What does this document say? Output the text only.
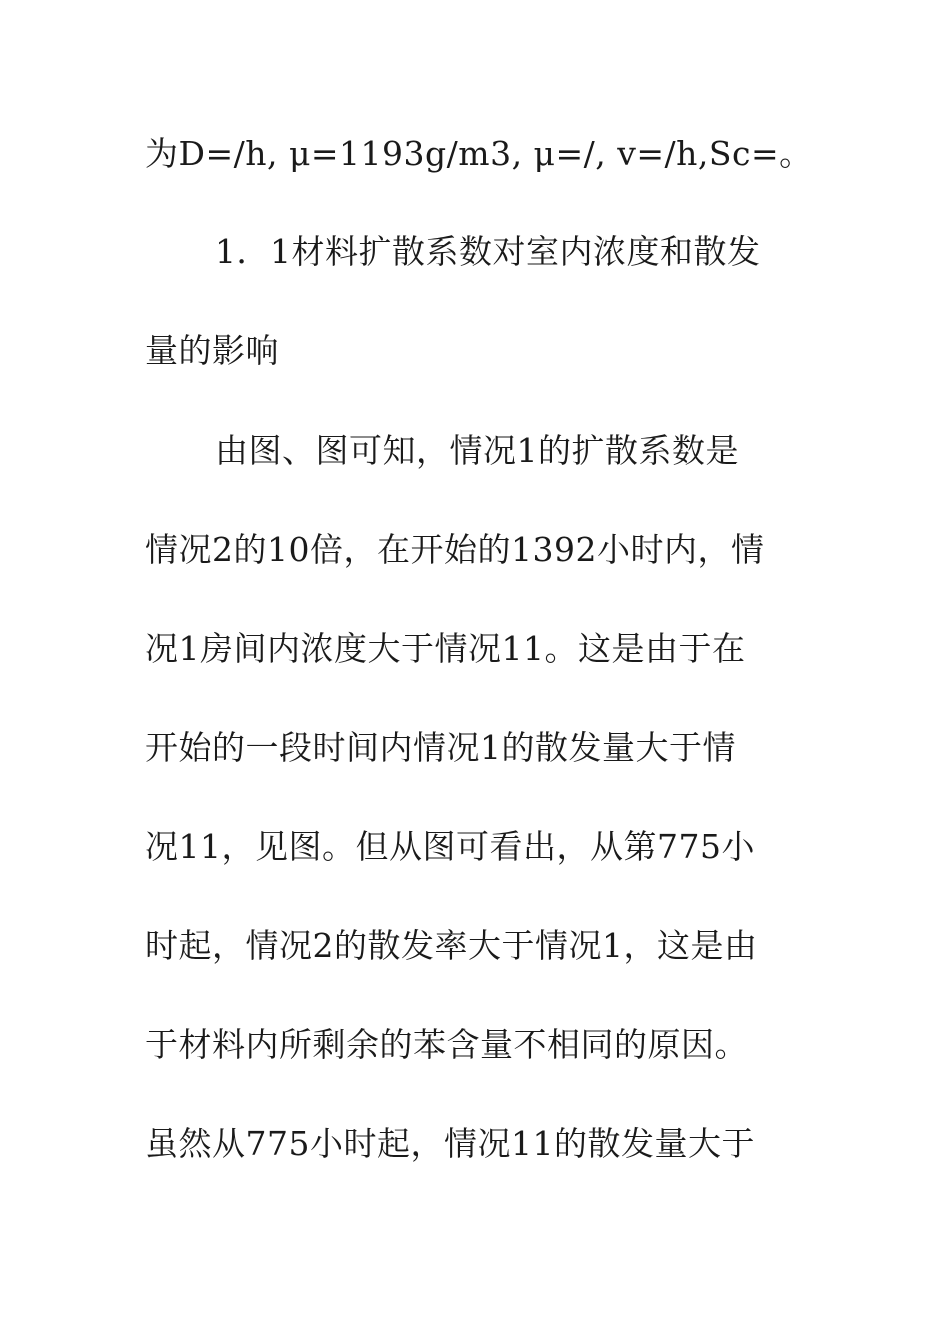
为D=/h, μ=1193g/m3, μ=/, v=/h,Sc=。
1．1材料扩散系数对室内浓度和散发
量的影响
由图、图可知，情况1的扩散系数是
情况2的10倍，在开始的1392小时内，情
况1房间内浓度大于情况11。这是由于在
开始的一段时间内情况1的散发量大于情
况11，见图。但从图可看出，从第775小
时起，情况2的散发率大于情况1，这是由
于材料内所剩余的苯含量不相同的原因。
虽然从775小时起，情况11的散发量大于
